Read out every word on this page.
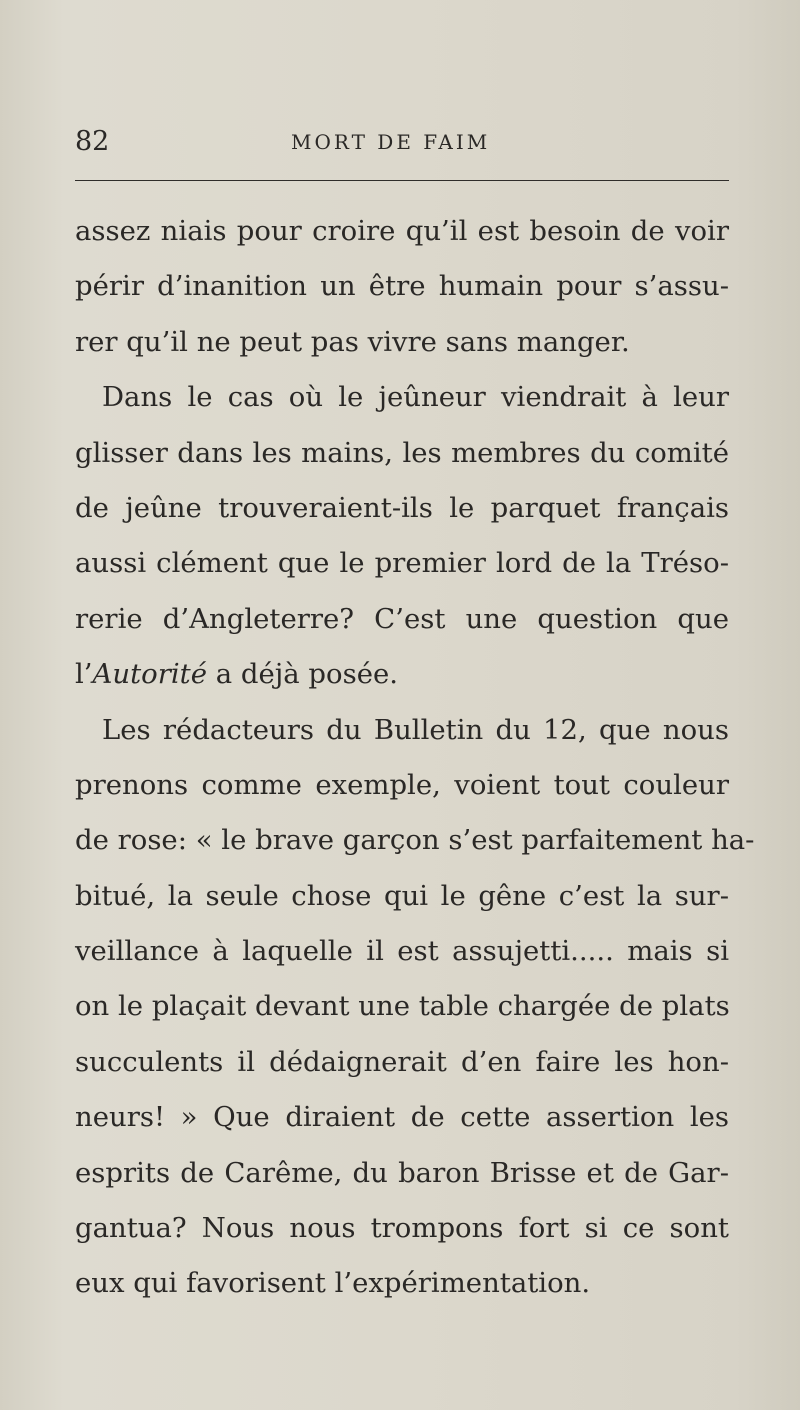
82	MORT DE FAIM
assez niais pour croire qu’il est besoin de voir
périr d’inanition un être humain pour s’assu-
rer qu’il ne peut pas vivre sans manger.
Dans le cas où le jeûneur viendrait à leur
glisser dans les mains, les membres du comité
de jeûne trouveraient-ils le parquet français
aussi clément que le premier lord de la Tréso-
rerie d’Angleterre? C’est une question que
l’Autorité a déjà posée.
Les rédacteurs du Bulletin du 12, que nous
prenons comme exemple, voient tout couleur
de rose: « le brave garçon s’est parfaitement ha-
bitué, la seule chose qui le gêne c’est la sur-
veillance à laquelle il est assujetti..... mais si
on le plaçait devant une table chargée de plats
succulents il dédaignerait d’en faire les hon-
neurs! » Que diraient de cette assertion les
esprits de Carême, du baron Brisse et de Gar-
gantua? Nous nous trompons fort si ce sont
eux qui favorisent l’expérimentation.
